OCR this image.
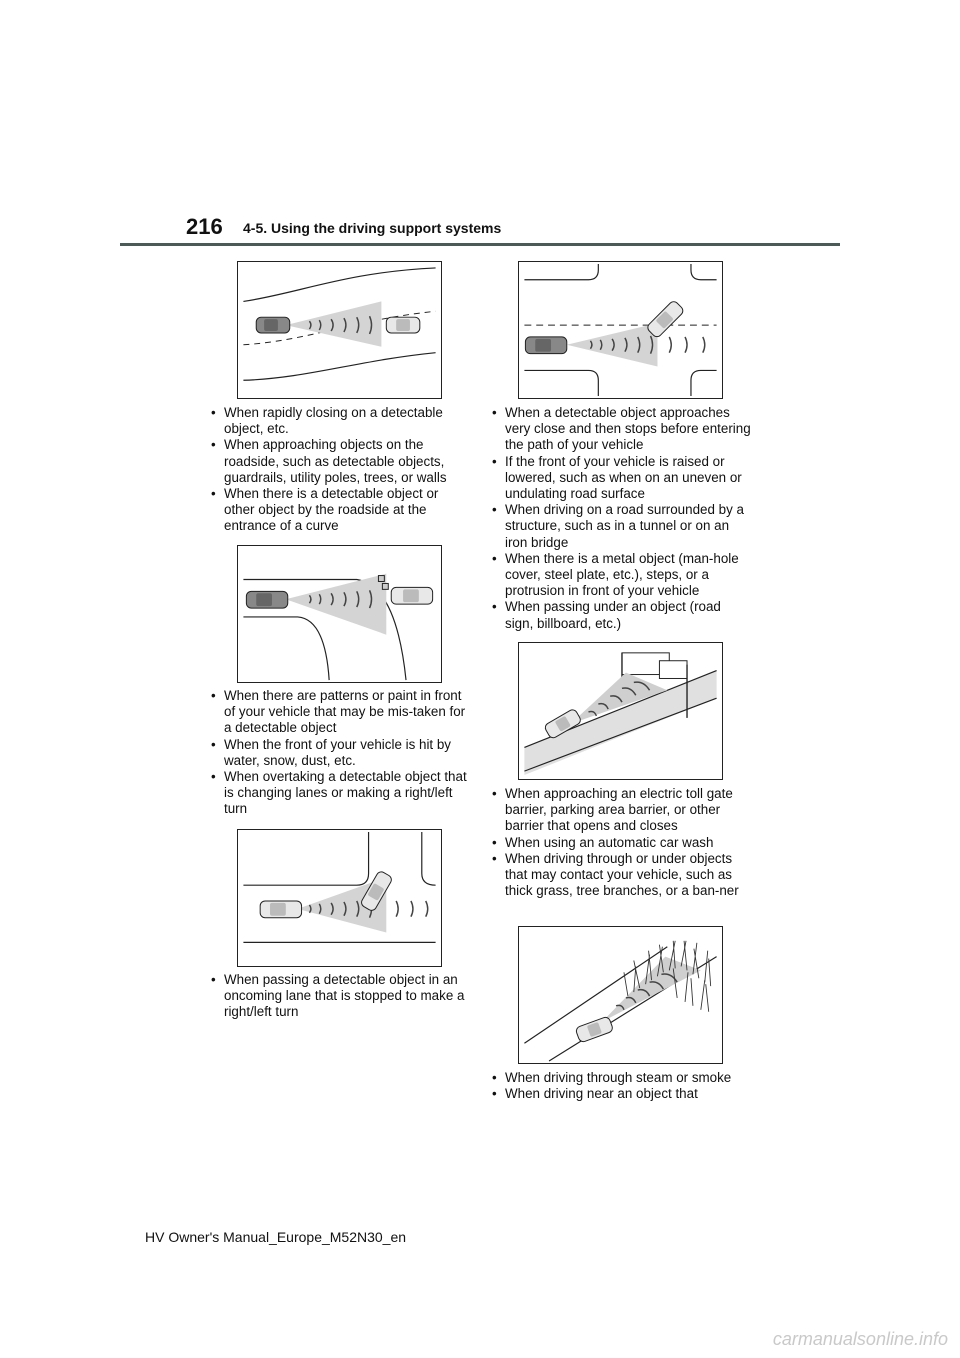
216 4-5. Using the driving support systems
• When rapidly closing on a detectable object, etc.
• When approaching objects on the roadside, such as detectable objects, guardrails, utility poles, trees, or walls
• When there is a detectable object or other object by the roadside at the entrance of a curve
• When there are patterns or paint in front of your vehicle that may be mis-taken for a detectable object
• When the front of your vehicle is hit by water, snow, dust, etc.
• When overtaking a detectable object that is changing lanes or making a right/left turn
• When passing a detectable object in an oncoming lane that is stopped to make a right/left turn
• When a detectable object approaches very close and then stops before entering the path of your vehicle
• If the front of your vehicle is raised or lowered, such as when on an uneven or undulating road surface
• When driving on a road surrounded by a structure, such as in a tunnel or on an iron bridge
• When there is a metal object (man-hole cover, steel plate, etc.), steps, or a protrusion in front of your vehicle
• When passing under an object (road sign, billboard, etc.)
• When approaching an electric toll gate barrier, parking area barrier, or other barrier that opens and closes
• When using an automatic car wash
• When driving through or under objects that may contact your vehicle, such as thick grass, tree branches, or a ban-ner
• When driving through steam or smoke
• When driving near an object that
HV Owner's Manual_Europe_M52N30_en
carmanualsonline.info
